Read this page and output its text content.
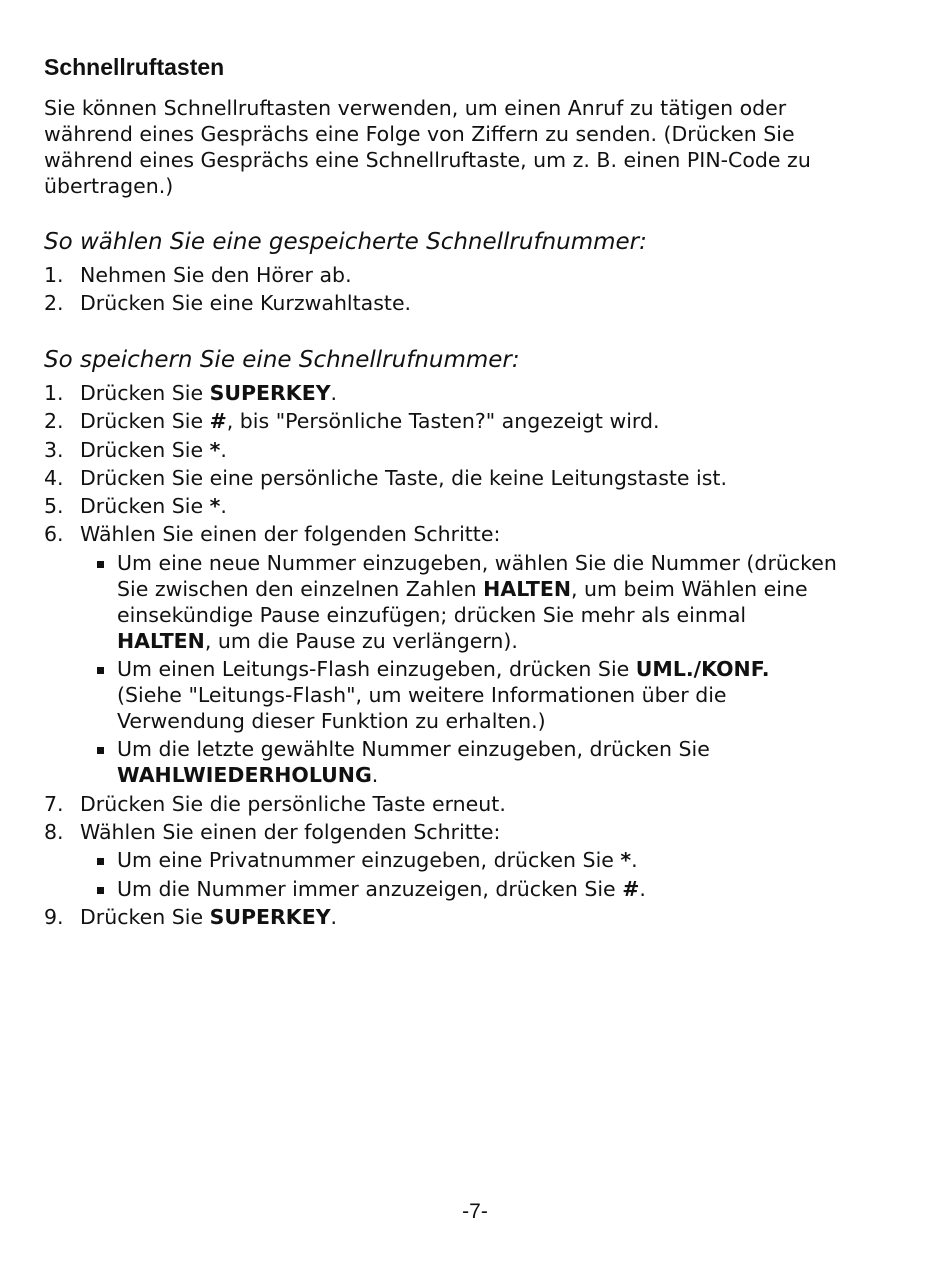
Schnellruftasten

Sie können Schnellruftasten verwenden, um einen Anruf zu tätigen oder

während eines Gesprächs eine Folge von Ziffern zu senden. (Drücken Sie

während eines Gesprächs eine Schnellruftaste, um z. B. einen PIN-Code zu

übertragen.)

So wählen Sie eine gespeicherte Schnellrufnummer:
1. Nehmen Sie den Hörer ab.
2. Drücken Sie eine Kurzwahltaste.
So speichern Sie eine Schnellrufnummer:
1. Drücken Sie SUPERKEY.
2. Drücken Sie #, bis "Persönliche Tasten?" angezeigt wird.
3. Drücken Sie *.
4. Drücken Sie eine persönliche Taste, die keine Leitungstaste ist.
5. Drücken Sie *.
6. Wählen Sie einen der folgenden Schritte:
Um eine neue Nummer einzugeben, wählen Sie die Nummer (drücken
Sie zwischen den einzelnen Zahlen HALTEN, um beim Wählen eine
einsekündige Pause einzufügen; drücken Sie mehr als einmal
HALTEN, um die Pause zu verlängern).
Um einen Leitungs-Flash einzugeben, drücken Sie UML./KONF.
(Siehe "Leitungs-Flash", um weitere Informationen über die
Verwendung dieser Funktion zu erhalten.)
Um die letzte gewählte Nummer einzugeben, drücken Sie
WAHLWIEDERHOLUNG.
7. Drücken Sie die persönliche Taste erneut.
8. Wählen Sie einen der folgenden Schritte:
Um eine Privatnummer einzugeben, drücken Sie *.
Um die Nummer immer anzuzeigen, drücken Sie #.
9. Drücken Sie SUPERKEY.
-7-
